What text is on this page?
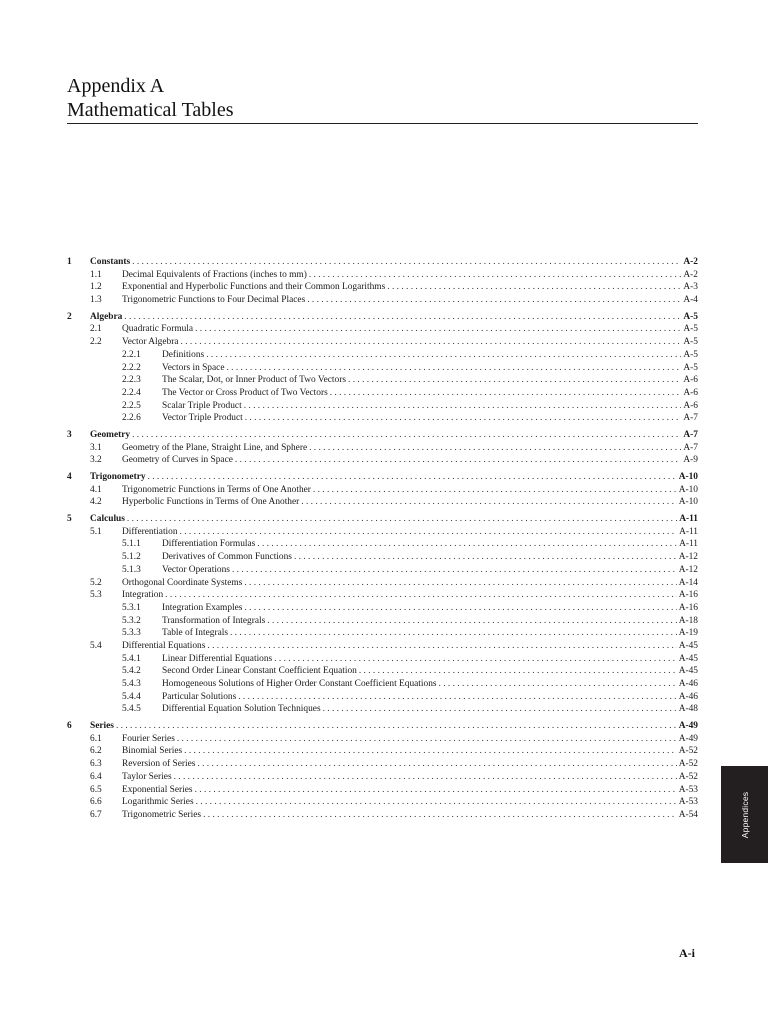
Appendix A
Mathematical Tables
1 Constants . . .	A-2
1.1 Decimal Equivalents of Fractions (inches to mm) . . .	A-2
1.2 Exponential and Hyperbolic Functions and their Common Logarithms . . .	A-3
1.3 Trigonometric Functions to Four Decimal Places . . .	A-4
2 Algebra . . .	A-5
2.1 Quadratic Formula . . .	A-5
2.2 Vector Algebra . . .	A-5
2.2.1 Definitions . . .	A-5
2.2.2 Vectors in Space . . .	A-5
2.2.3 The Scalar, Dot, or Inner Product of Two Vectors . . .	A-6
2.2.4 The Vector or Cross Product of Two Vectors . . .	A-6
2.2.5 Scalar Triple Product . . .	A-6
2.2.6 Vector Triple Product . . .	A-7
3 Geometry . . .	A-7
3.1 Geometry of the Plane, Straight Line, and Sphere . . .	A-7
3.2 Geometry of Curves in Space . . .	A-9
4 Trigonometry . . .	A-10
4.1 Trigonometric Functions in Terms of One Another . . .	A-10
4.2 Hyperbolic Functions in Terms of One Another . . .	A-10
5 Calculus . . .	A-11
5.1 Differentiation . . .	A-11
5.1.1 Differentiation Formulas . . .	A-11
5.1.2 Derivatives of Common Functions . . .	A-12
5.1.3 Vector Operations . . .	A-12
5.2 Orthogonal Coordinate Systems . . .	A-14
5.3 Integration . . .	A-16
5.3.1 Integration Examples . . .	A-16
5.3.2 Transformation of Integrals . . .	A-18
5.3.3 Table of Integrals . . .	A-19
5.4 Differential Equations . . .	A-45
5.4.1 Linear Differential Equations . . .	A-45
5.4.2 Second Order Linear Constant Coefficient Equation . . .	A-45
5.4.3 Homogeneous Solutions of Higher Order Constant Coefficient Equations . . .	A-46
5.4.4 Particular Solutions . . .	A-46
5.4.5 Differential Equation Solution Techniques . . .	A-48
6 Series . . .	A-49
6.1 Fourier Series . . .	A-49
6.2 Binomial Series . . .	A-52
6.3 Reversion of Series . . .	A-52
6.4 Taylor Series . . .	A-52
6.5 Exponential Series . . .	A-53
6.6 Logarithmic Series . . .	A-53
6.7 Trigonometric Series . . .	A-54	Appendices
A-i
